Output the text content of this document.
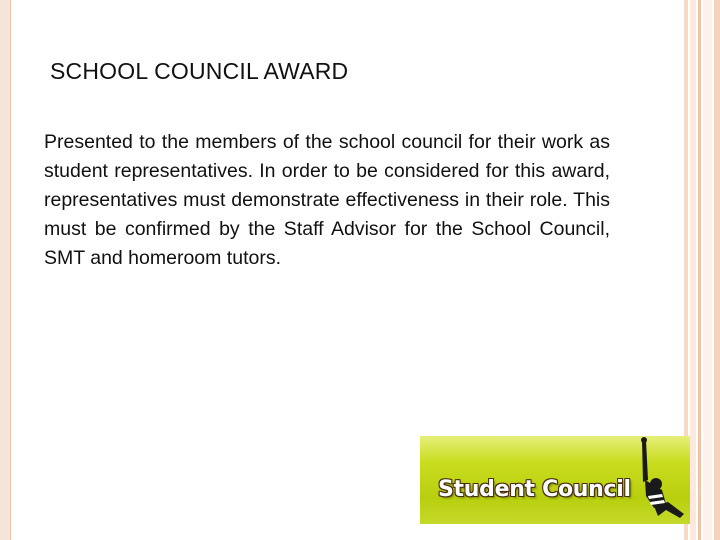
SCHOOL COUNCIL AWARD
Presented to the members of the school council for their work as student representatives. In order to be considered for this award, representatives must demonstrate effectiveness in their role. This must be confirmed by the Staff Advisor for the School Council, SMT and homeroom tutors.
Student Council
